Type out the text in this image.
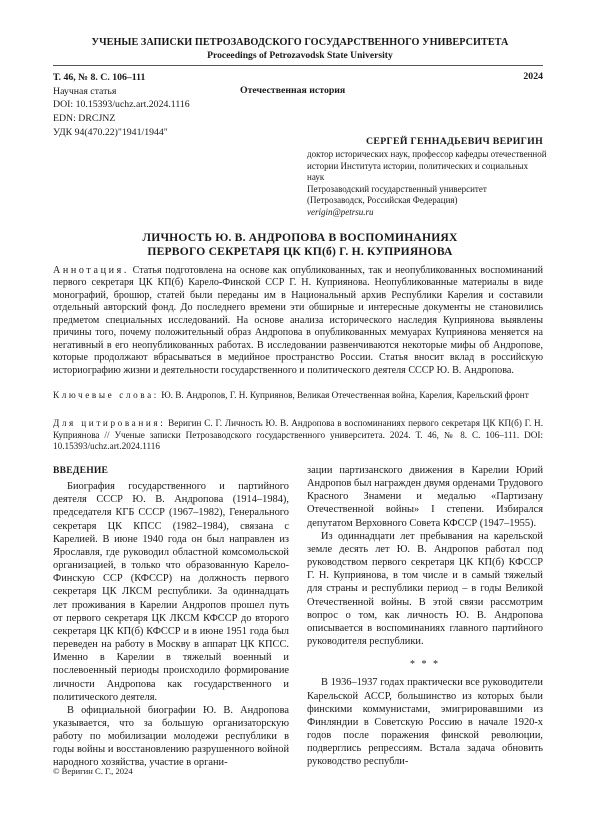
УЧЕНЫЕ ЗАПИСКИ ПЕТРОЗАВОДСКОГО ГОСУДАРСТВЕННОГО УНИВЕРСИТЕТА
Proceedings of Petrozavodsk State University
Т. 46, № 8. С. 106–111
Научная статья
DOI: 10.15393/uchz.art.2024.1116
EDN: DRCJNZ
УДК 94(470.22)"1941/1944"
2024
Отечественная история
СЕРГЕЙ ГЕННАДЬЕВИЧ ВЕРИГИН
доктор исторических наук, профессор кафедры отечественной истории Института истории, политических и социальных наук
Петрозаводский государственный университет
(Петрозаводск, Российская Федерация)
verigin@petrsu.ru
ЛИЧНОСТЬ Ю. В. АНДРОПОВА В ВОСПОМИНАНИЯХ
ПЕРВОГО СЕКРЕТАРЯ ЦК КП(б) Г. Н. КУПРИЯНОВА
Аннотация. Статья подготовлена на основе как опубликованных, так и неопубликованных воспоминаний первого секретаря ЦК КП(б) Карело-Финской ССР Г. Н. Куприянова. Неопубликованные материалы в виде монографий, брошюр, статей были переданы им в Национальный архив Республики Карелия и составили отдельный авторский фонд. До последнего времени эти обширные и интересные документы не становились предметом специальных исследований. На основе анализа исторического наследия Куприянова выявлены причины того, почему положительный образ Андропова в опубликованных мемуарах Куприянова меняется на негативный в его неопубликованных работах. В исследовании развенчиваются некоторые мифы об Андропове, которые продолжают вбрасываться в медийное пространство России. Статья вносит вклад в российскую историографию жизни и деятельности государственного и политического деятеля СССР Ю. В. Андропова.
Ключевые слова: Ю. В. Андропов, Г. Н. Куприянов, Великая Отечественная война, Карелия, Карельский фронт
Для цитирования: Веригин С. Г. Личность Ю. В. Андропова в воспоминаниях первого секретаря ЦК КП(б) Г. Н. Куприянова // Ученые записки Петрозаводского государственного университета. 2024. Т. 46, № 8. С. 106–111. DOI: 10.15393/uchz.art.2024.1116
ВВЕДЕНИЕ

Биография государственного и партийного деятеля СССР Ю. В. Андропова (1914–1984), председателя КГБ СССР (1967–1982), Генерального секретаря ЦК КПСС (1982–1984), связана с Карелией. В июне 1940 года он был направлен из Ярославля, где руководил областной комсомольской организацией, в только что образованную Карело-Финскую ССР (КФССР) на должность первого секретаря ЦК ЛКСМ республики. За одиннадцать лет проживания в Карелии Андропов прошел путь от первого секретаря ЦК ЛКСМ КФССР до второго секретаря ЦК КП(б) КФССР и в июне 1951 года был переведен на работу в Москву в аппарат ЦК КПСС. Именно в Карелии в тяжелый военный и послевоенный периоды происходило формирование личности Андропова как государственного и политического деятеля.

В официальной биографии Ю. В. Андропова указывается, что за большую организаторскую работу по мобилизации молодежи республики в годы войны и восстановлению разрушенного войной народного хозяйства, участие в органи-

зации партизанского движения в Карелии Юрий Андропов был награжден двумя орденами Трудового Красного Знамени и медалью «Партизану Отечественной войны» I степени. Избирался депутатом Верховного Совета КФССР (1947–1955).

Из одиннадцати лет пребывания на карельской земле десять лет Ю. В. Андропов работал под руководством первого секретаря ЦК КП(б) КФССР Г. Н. Куприянова, в том числе и в самый тяжелый для страны и республики период – в годы Великой Отечественной войны. В этой связи рассмотрим вопрос о том, как личность Ю. В. Андропова описывается в воспоминаниях главного партийного руководителя республики.

* * *

В 1936–1937 годах практически все руководители Карельской АССР, большинство из которых были финскими коммунистами, эмигрировавшими из Финляндии в Советскую Россию в начале 1920-х годов после поражения финской революции, подверглись репрессиям. Встала задача обновить руководство республи-

© Веригин С. Г., 2024
